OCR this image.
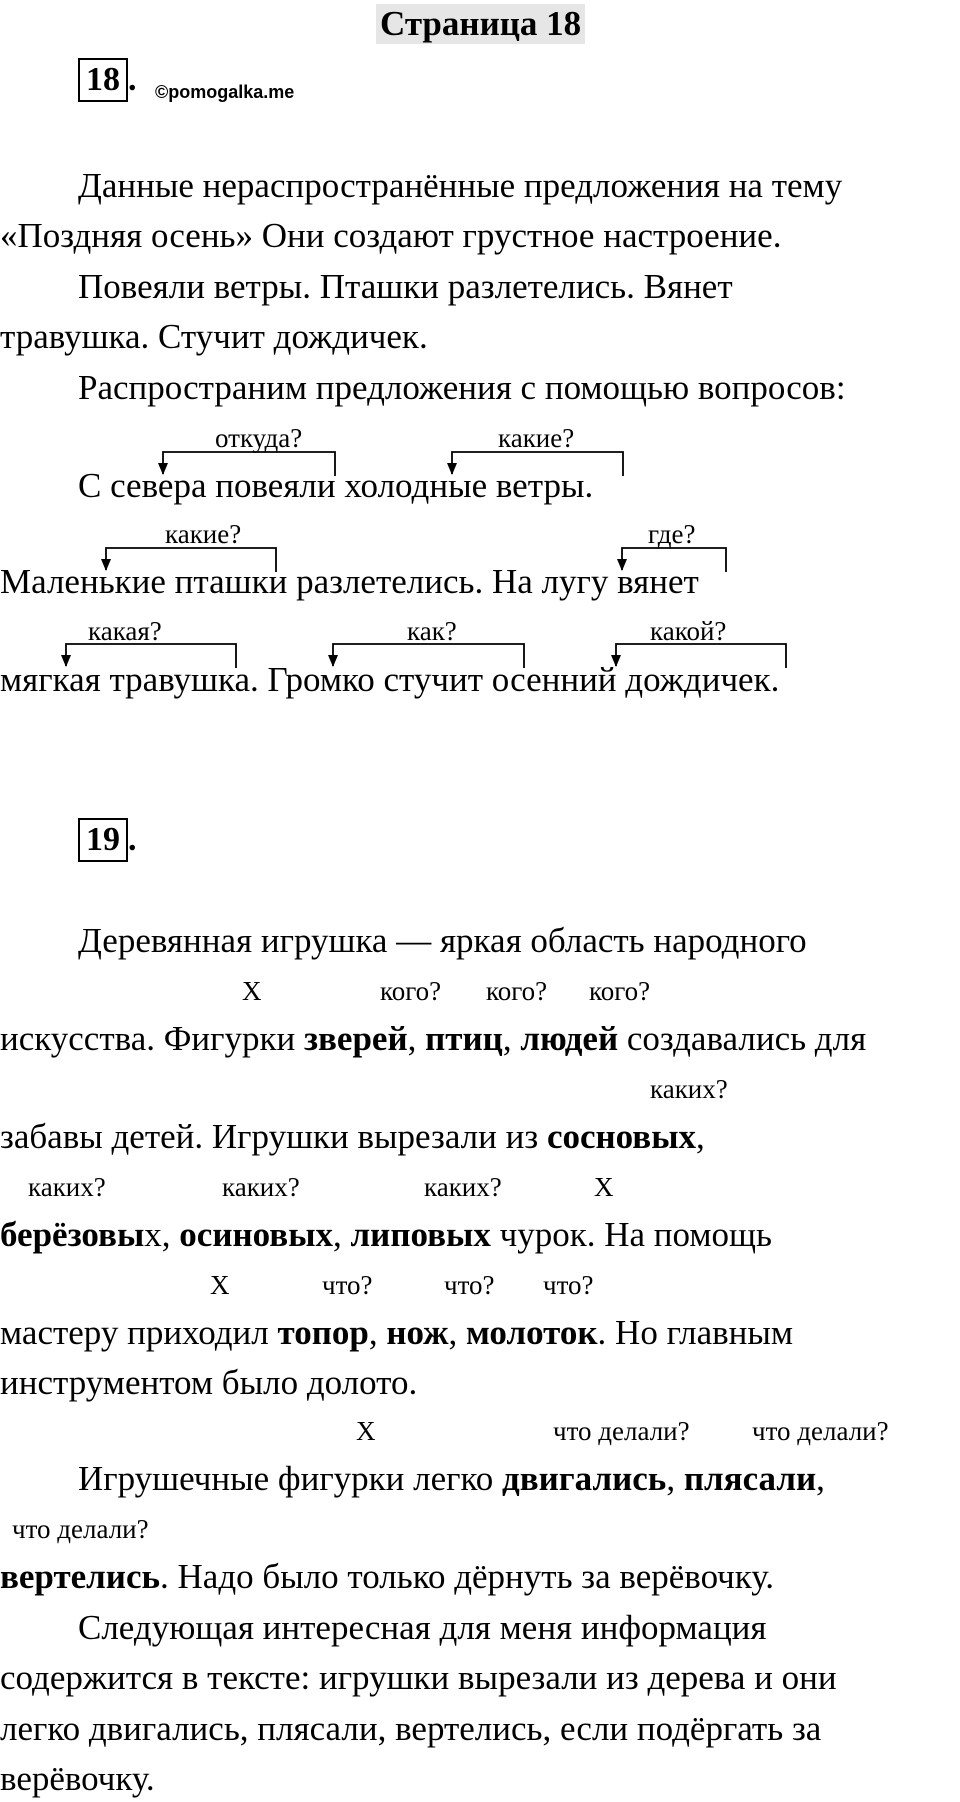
Страница 18
18 . ©pomogalka.me
Данные нераспространённые предложения на тему
«Поздняя осень» Они создают грустное настроение.
Повеяли ветры. Пташки разлетелись. Вянет
травушка. Стучит дождичек.
Распространим предложения с помощью вопросов:
откуда?	какие?
С севера повеяли холодные ветры.
какие?	где?
Маленькие пташки разлетелись. На лугу вянет
какая?	как?	какой?
мягкая травушка. Громко стучит осенний дождичек.
19 .
Деревянная игрушка — яркая область народного
X	кого? кого? кого?
искусства. Фигурки зверей, птиц, людей создавались для
каких?
забавы детей. Игрушки вырезали из сосновых,
каких?	каких?	каких?	X
берёзовых, осиновых, липовых чурок. На помощь
X	что?	что? что?
мастеру приходил топор, нож, молоток. Но главным
инструментом было долото.
X	что делали? что делали?
Игрушечные фигурки легко двигались, плясали,
что делали?
вертелись. Надо было только дёрнуть за верёвочку.
Следующая интересная для меня информация
содержится в тексте: игрушки вырезали из дерева и они
легко двигались, плясали, вертелись, если подёргать за
верёвочку.
